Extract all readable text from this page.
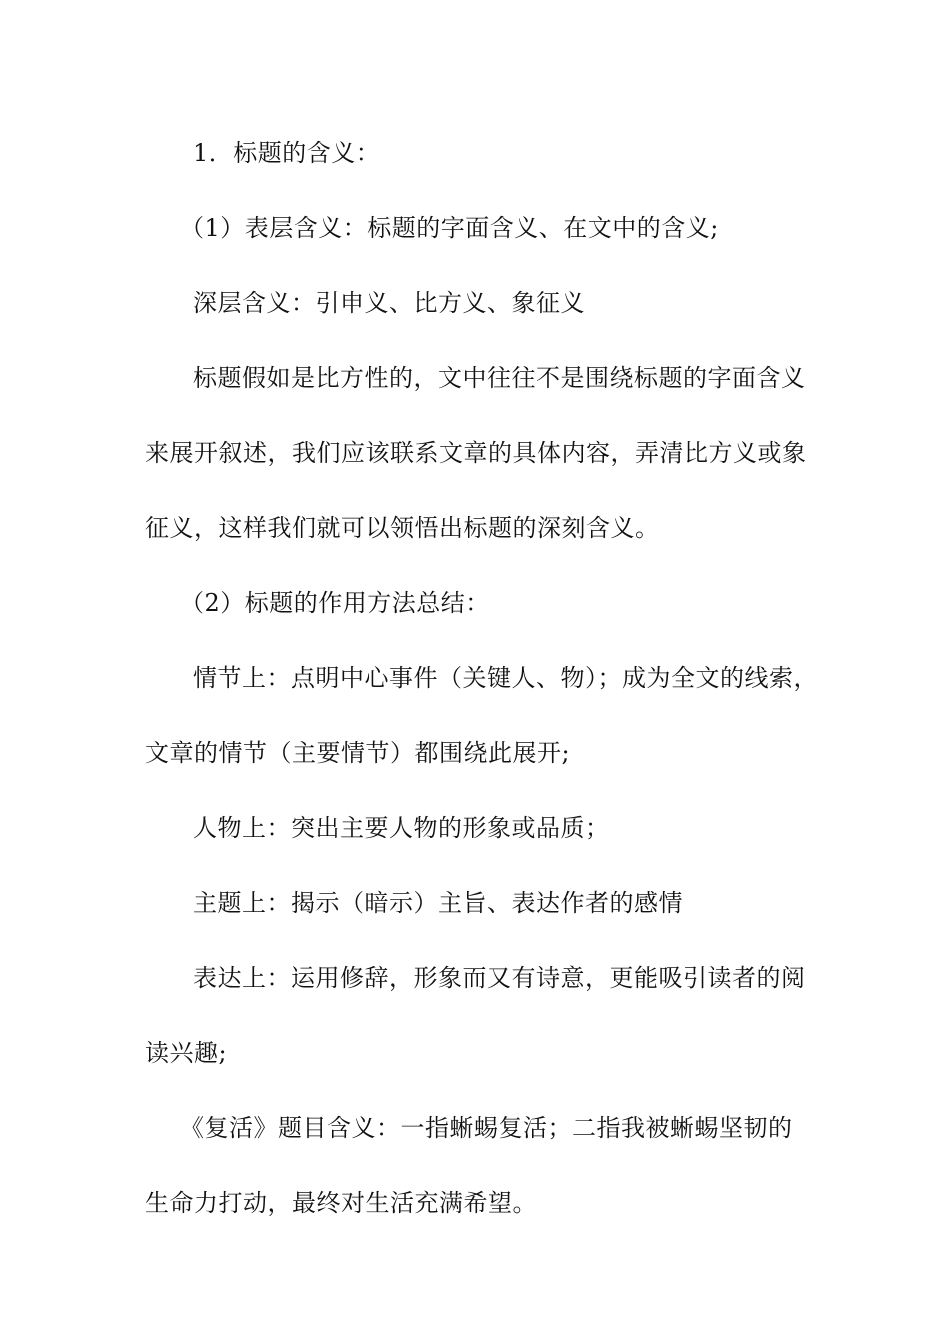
1．标题的含义：
（1）表层含义：标题的字面含义、在文中的含义;
深层含义：引申义、比方义、象征义
标题假如是比方性的，文中往往不是围绕标题的字面含义
来展开叙述，我们应该联系文章的具体内容，弄清比方义或象
征义，这样我们就可以领悟出标题的深刻含义。
（2）标题的作用方法总结：
情节上：点明中心事件（关键人、物）；成为全文的线索，
文章的情节（主要情节）都围绕此展开;
人物上：突出主要人物的形象或品质；
主题上：揭示（暗示）主旨、表达作者的感情
表达上：运用修辞，形象而又有诗意，更能吸引读者的阅
读兴趣;
《复活》题目含义：一指蜥蜴复活；二指我被蜥蜴坚韧的
生命力打动，最终对生活充满希望。
